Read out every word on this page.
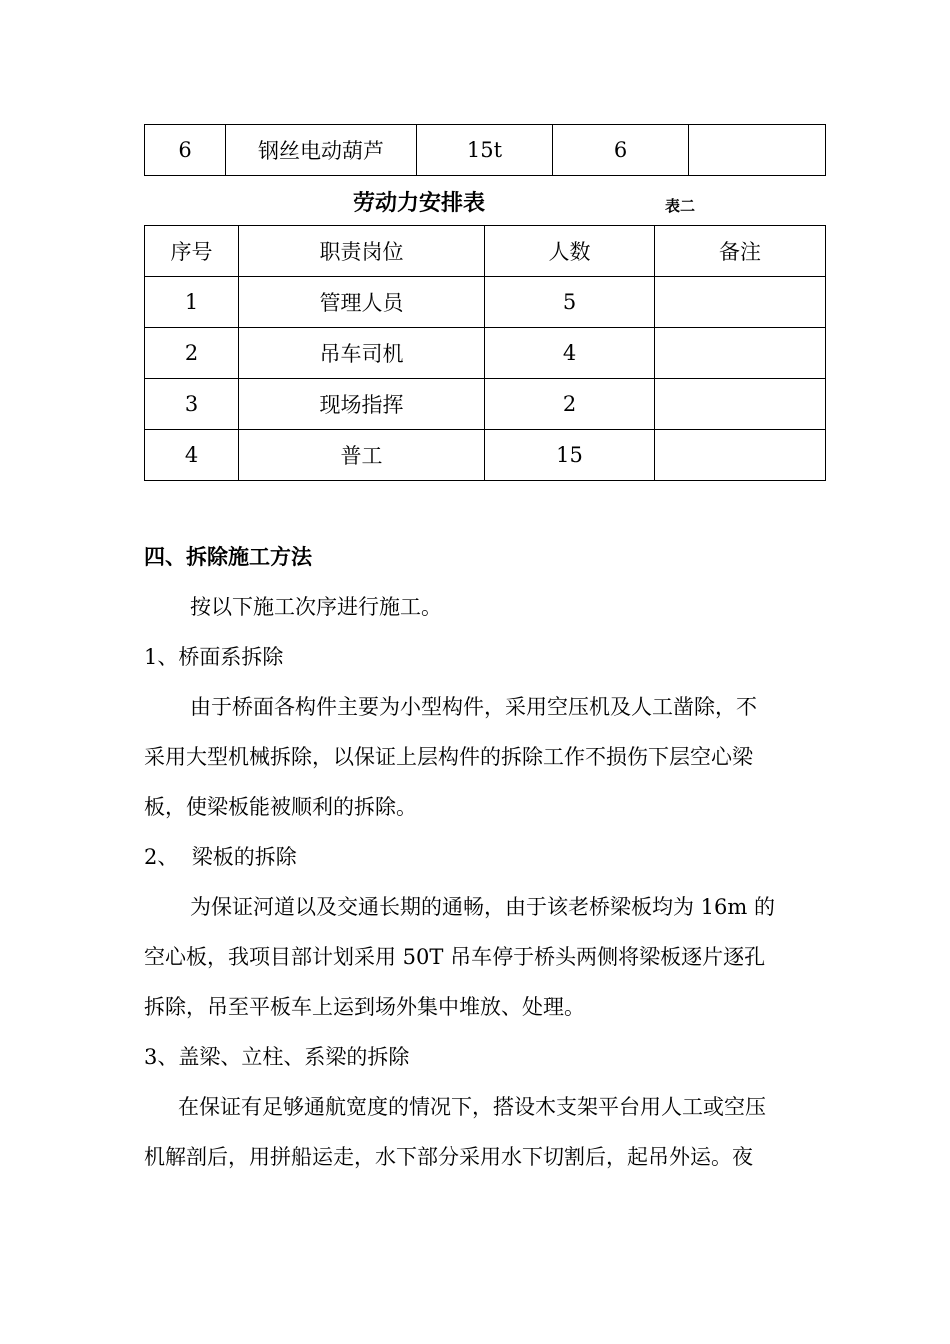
6	钢丝电动葫芦	15t	6	
劳动力安排表	表二
序号	职责岗位	人数	备注
1	管理人员	5	
2	吊车司机	4	
3	现场指挥	2	
4	普工	15	
四、拆除施工方法
按以下施工次序进行施工。
1、桥面系拆除
由于桥面各构件主要为小型构件，采用空压机及人工凿除，不
采用大型机械拆除，以保证上层构件的拆除工作不损伤下层空心梁
板，使梁板能被顺利的拆除。
2、  梁板的拆除
为保证河道以及交通长期的通畅，由于该老桥梁板均为 16m 的
空心板，我项目部计划采用 50T 吊车停于桥头两侧将梁板逐片逐孔
拆除，吊至平板车上运到场外集中堆放、处理。
3、盖梁、立柱、系梁的拆除
在保证有足够通航宽度的情况下，搭设木支架平台用人工或空压
机解剖后，用拼船运走，水下部分采用水下切割后，起吊外运。夜
